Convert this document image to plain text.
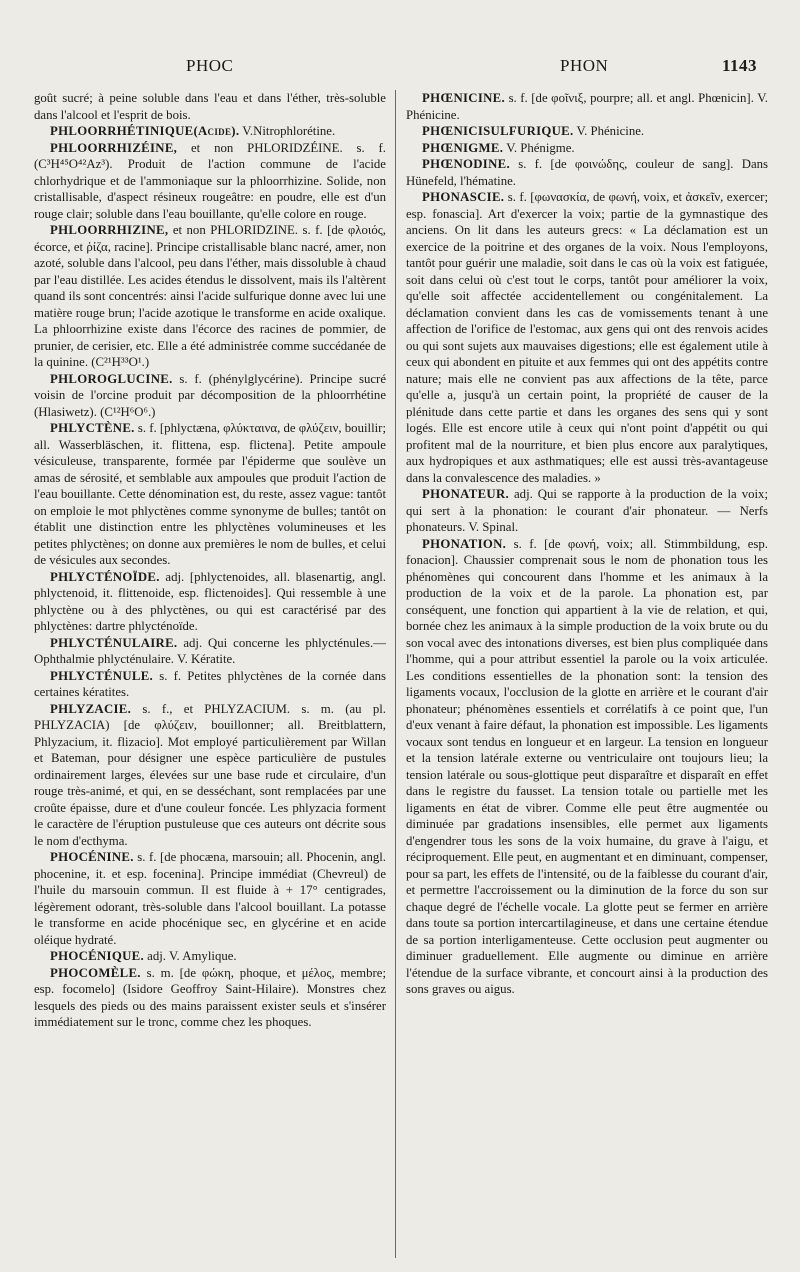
PHOC	PHON	1143

goût sucré; à peine soluble dans l'eau et dans l'éther, très-soluble dans l'alcool et l'esprit de bois.

PHLOORRHÉTINIQUE(Acide). V.Nitrophlorétine.

PHLOORRHIZÉINE, et non PHLORIDZÉINE. s. f. (C³H⁴⁵O⁴²Az³). Produit de l'action commune de l'acide chlorhydrique et de l'ammoniaque sur la phloorrhizine. Solide, non cristallisable, d'aspect résineux rougeâtre: en poudre, elle est d'un rouge clair; soluble dans l'eau bouillante, qu'elle colore en rouge.

PHLOORRHIZINE, et non PHLORIDZINE. s. f. [de φλοιός, écorce, et ῥίζα, racine]. Principe cristallisable blanc nacré, amer, non azoté, soluble dans l'alcool, peu dans l'éther, mais dissoluble à chaud par l'eau distillée. Les acides étendus le dissolvent, mais ils l'altèrent quand ils sont concentrés: ainsi l'acide sulfurique donne avec lui une matière rouge brun; l'acide azotique le transforme en acide oxalique. La phloorrhizine existe dans l'écorce des racines de pommier, de prunier, de cerisier, etc. Elle a été administrée comme succédanée de la quinine. (C²¹H³³O¹.)

PHLOROGLUCINE. s. f. (phénylglycérine). Principe sucré voisin de l'orcine produit par décomposition de la phloorrhétine (Hlasiwetz). (C¹²H⁶O⁶.)

PHLYCTÈNE. s. f. [phlyctæna, φλύκταινα, de φλύζειν, bouillir; all. Wasserbläschen, it. flittena, esp. flictena]. Petite ampoule vésiculeuse, transparente, formée par l'épiderme que soulève un amas de sérosité, et semblable aux ampoules que produit l'action de l'eau bouillante. Cette dénomination est, du reste, assez vague: tantôt on emploie le mot phlyctènes comme synonyme de bulles; tantôt on établit une distinction entre les phlyctènes volumineuses et les petites phlyctènes; on donne aux premières le nom de bulles, et celui de vésicules aux secondes.

PHLYCTÉNOÏDE. adj. [phlyctenoides, all. blasenartig, angl. phlyctenoid, it. flittenoide, esp. flictenoides]. Qui ressemble à une phlyctène ou à des phlyctènes, ou qui est caractérisé par des phlyctènes: dartre phlycténoïde.

PHLYCTÉNULAIRE. adj. Qui concerne les phlycténules.— Ophthalmie phlycténulaire. V. Kératite.

PHLYCTÉNULE. s. f. Petites phlyctènes de la cornée dans certaines kératites.

PHLYZACIE. s. f., et PHLYZACIUM. s. m. (au pl. PHLYZACIA) [de φλύζειν, bouillonner; all. Breitblattern, Phlyzacium, it. flizacio]. Mot employé particulièrement par Willan et Bateman, pour désigner une espèce particulière de pustules ordinairement larges, élevées sur une base rude et circulaire, d'un rouge très-animé, et qui, en se desséchant, sont remplacées par une croûte épaisse, dure et d'une couleur foncée. Les phlyzacia forment le caractère de l'éruption pustuleuse que ces auteurs ont décrite sous le nom d'ecthyma.

PHOCÉNINE. s. f. [de phocæna, marsouin; all. Phocenin, angl. phocenine, it. et esp. focenina]. Principe immédiat (Chevreul) de l'huile du marsouin commun. Il est fluide à + 17° centigrades, légèrement odorant, très-soluble dans l'alcool bouillant. La potasse le transforme en acide phocénique sec, en glycérine et en acide oléique hydraté.

PHOCÉNIQUE. adj. V. Amylique.

PHOCOMÈLE. s. m. [de φώκη, phoque, et μέλος, membre; esp. focomelo] (Isidore Geoffroy Saint-Hilaire). Monstres chez lesquels des pieds ou des mains paraissent exister seuls et s'insérer immédiatement sur le tronc, comme chez les phoques.

PHŒNICINE. s. f. [de φοῖνιξ, pourpre; all. et angl. Phœnicin]. V. Phénicine.

PHŒNICISULFURIQUE. V. Phénicine.

PHŒNIGME. V. Phénigme.

PHŒNODINE. s. f. [de φοινώδης, couleur de sang]. Dans Hünefeld, l'hématine.

PHONASCIE. s. f. [φωνασκία, de φωνή, voix, et ἀσκεῖν, exercer; esp. fonascia]. Art d'exercer la voix; partie de la gymnastique des anciens. On lit dans les auteurs grecs: « La déclamation est un exercice de la poitrine et des organes de la voix. Nous l'employons, tantôt pour guérir une maladie, soit dans le cas où la voix est fatiguée, soit dans celui où c'est tout le corps, tantôt pour améliorer la voix, qu'elle soit affectée accidentellement ou congénitalement. La déclamation convient dans les cas de vomissements tenant à une affection de l'orifice de l'estomac, aux gens qui ont des renvois acides ou qui sont sujets aux mauvaises digestions; elle est également utile à ceux qui abondent en pituite et aux femmes qui ont des appétits contre nature; mais elle ne convient pas aux affections de la tête, parce qu'elle a, jusqu'à un certain point, la propriété de causer de la plénitude dans cette partie et dans les organes des sens qui y sont logés. Elle est encore utile à ceux qui n'ont point d'appétit ou qui profitent mal de la nourriture, et bien plus encore aux paralytiques, aux hydropiques et aux asthmatiques; elle est aussi très-avantageuse dans la convalescence des maladies. »

PHONATEUR. adj. Qui se rapporte à la production de la voix; qui sert à la phonation: le courant d'air phonateur. — Nerfs phonateurs. V. Spinal.

PHONATION. s. f. [de φωνή, voix; all. Stimmbildung, esp. fonacion]. Chaussier comprenait sous le nom de phonation tous les phénomènes qui concourent dans l'homme et les animaux à la production de la voix et de la parole. La phonation est, par conséquent, une fonction qui appartient à la vie de relation, et qui, bornée chez les animaux à la simple production de la voix brute ou du son vocal avec des intonations diverses, est bien plus compliquée dans l'homme, qui a pour attribut essentiel la parole ou la voix articulée. Les conditions essentielles de la phonation sont: la tension des ligaments vocaux, l'occlusion de la glotte en arrière et le courant d'air phonateur; phénomènes essentiels et corrélatifs à ce point que, l'un d'eux venant à faire défaut, la phonation est impossible. Les ligaments vocaux sont tendus en longueur et en largeur. La tension en longueur et la tension latérale externe ou ventriculaire ont toujours lieu; la tension latérale ou sous-glottique peut disparaître et disparaît en effet dans le registre du fausset. La tension totale ou partielle met les ligaments en état de vibrer. Comme elle peut être augmentée ou diminuée par gradations insensibles, elle permet aux ligaments d'engendrer tous les sons de la voix humaine, du grave à l'aigu, et réciproquement. Elle peut, en augmentant et en diminuant, compenser, pour sa part, les effets de l'intensité, ou de la faiblesse du courant d'air, et permettre l'accroissement ou la diminution de la force du son sur chaque degré de l'échelle vocale. La glotte peut se fermer en arrière dans toute sa portion intercartilagineuse, et dans une certaine étendue de sa portion interligamenteuse. Cette occlusion peut augmenter ou diminuer graduellement. Elle augmente ou diminue en arrière l'étendue de la surface vibrante, et concourt ainsi à la production des sons graves ou aigus.
